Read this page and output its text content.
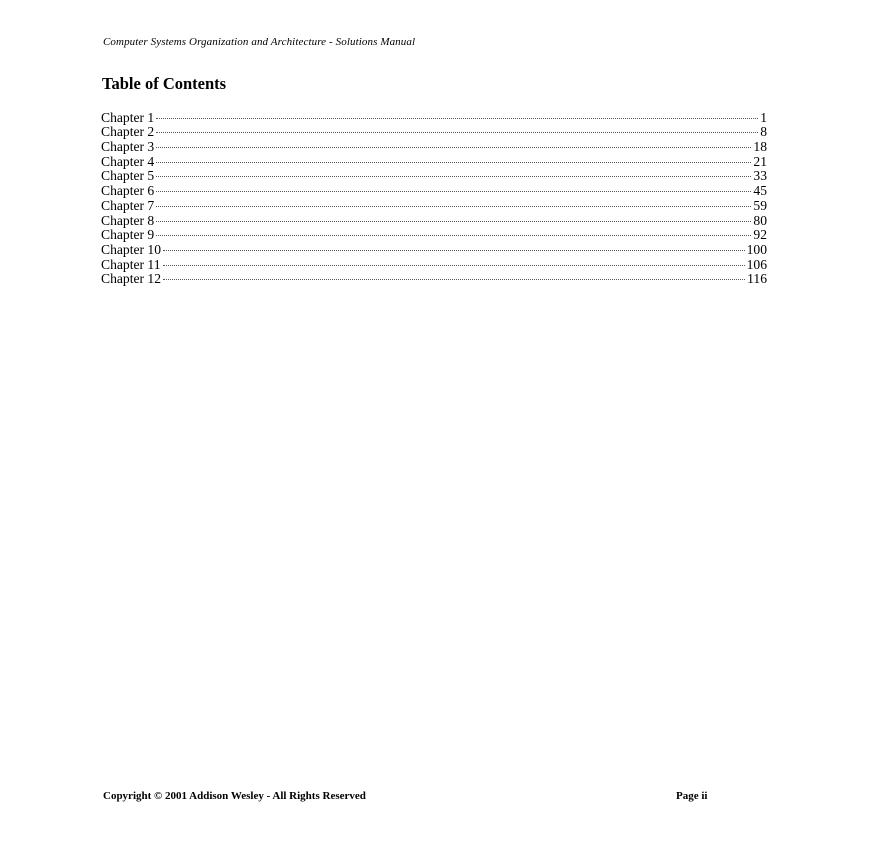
Computer Systems Organization and Architecture - Solutions Manual
Table of Contents
Chapter 1	1
Chapter 2	8
Chapter 3	18
Chapter 4	21
Chapter 5	33
Chapter 6	45
Chapter 7	59
Chapter 8	80
Chapter 9	92
Chapter 10	100
Chapter 11	106
Chapter 12	116
Copyright © 2001 Addison Wesley - All Rights Reserved	Page ii
